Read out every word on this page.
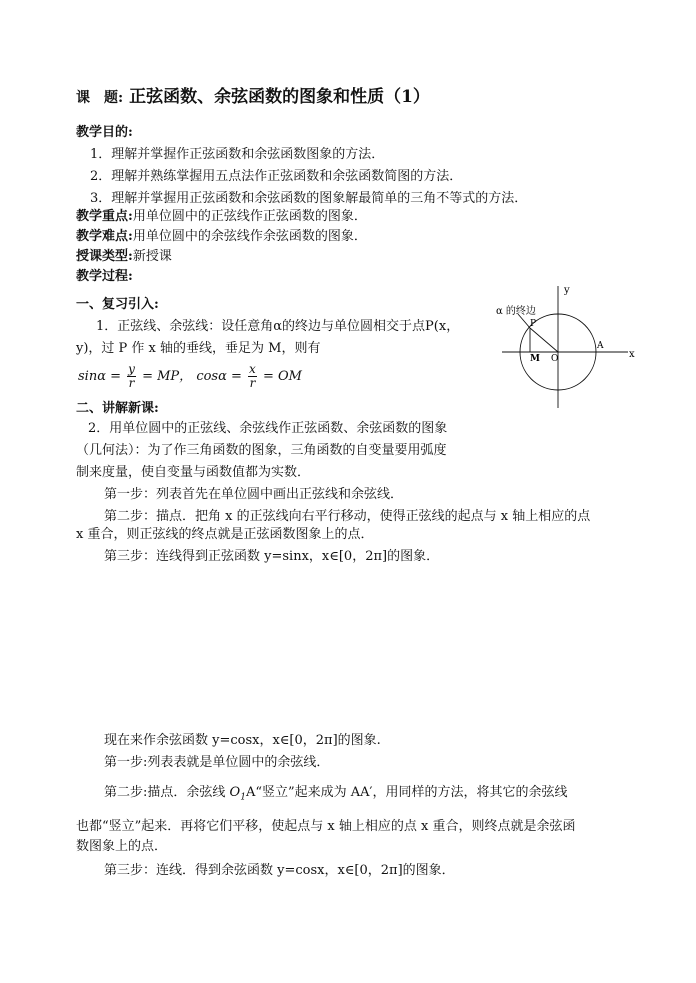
课　题: 正弦函数、余弦函数的图象和性质（1）
教学目的:
1．理解并掌握作正弦函数和余弦函数图象的方法．
2．理解并熟练掌握用五点法作正弦函数和余弦函数简图的方法．
3．理解并掌握用正弦函数和余弦函数的图象解最简单的三角不等式的方法．
教学重点:用单位圆中的正弦线作正弦函数的图象．
教学难点:用单位圆中的余弦线作余弦函数的图象．
授课类型:新授课
教学过程:
一、复习引入:
1．正弦线、余弦线：设任意角α的终边与单位圆相交于点P(x，
y)，过 P 作 x 轴的垂线，垂足为 M，则有
$\sin\alpha = \frac{y}{r}$ = MP， $\cos\alpha = \frac{x}{r}$ = OM
α 的终边
y
x
P
M O
A
二、讲解新课:
2．用单位圆中的正弦线、余弦线作正弦函数、余弦函数的图象
（几何法）：为了作三角函数的图象，三角函数的自变量要用弧度
制来度量，使自变量与函数值都为实数．
第一步：列表首先在单位圆中画出正弦线和余弦线．
第二步：描点．把角 x 的正弦线向右平行移动，使得正弦线的起点与 x 轴上相应的点
x 重合，则正弦线的终点就是正弦函数图象上的点．
第三步：连线得到正弦函数 y=sinx，x∈[0，2π]的图象．
现在来作余弦函数 y=cosx，x∈[0，2π]的图象.
第一步:列表表就是单位圆中的余弦线．
第二步:描点．余弦线 $O_1A“$竖立”起来成为 AA′，用同样的方法，将其它的余弦线
也都“竖立”起来．再将它们平移，使起点与 x 轴上相应的点 x 重合，则终点就是余弦函
数图象上的点．
第三步：连线．得到余弦函数 y=cosx，x∈[0，2π]的图象．
